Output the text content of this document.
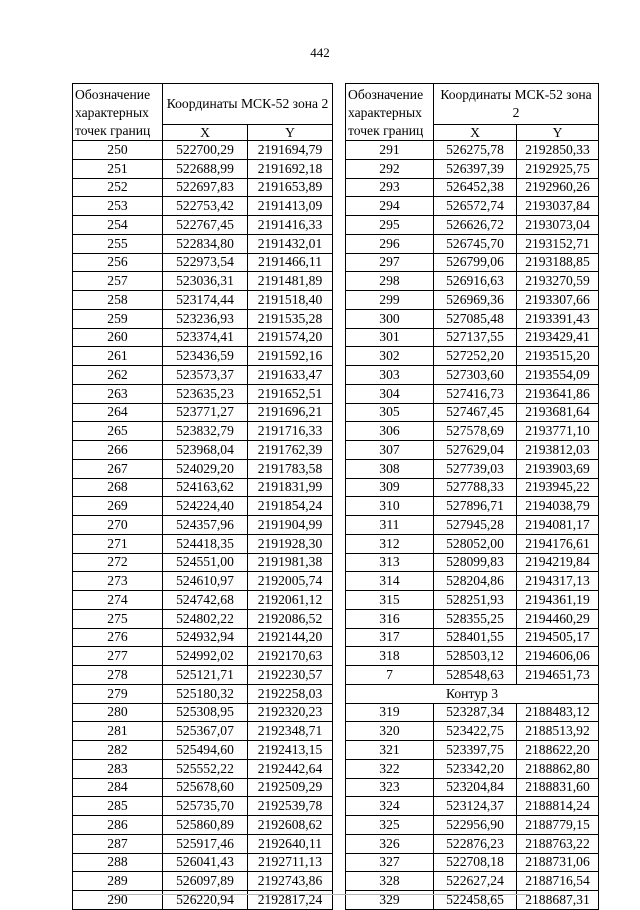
442
Обозначение характерных точек границ	Координаты МСК-52 зона 2	
	X	Y
250	522700,29	2191694,79
251	522688,99	2191692,18
252	522697,83	2191653,89
253	522753,42	2191413,09
254	522767,45	2191416,33
255	522834,80	2191432,01
256	522973,54	2191466,11
257	523036,31	2191481,89
258	523174,44	2191518,40
259	523236,93	2191535,28
260	523374,41	2191574,20
261	523436,59	2191592,16
262	523573,37	2191633,47
263	523635,23	2191652,51
264	523771,27	2191696,21
265	523832,79	2191716,33
266	523968,04	2191762,39
267	524029,20	2191783,58
268	524163,62	2191831,99
269	524224,40	2191854,24
270	524357,96	2191904,99
271	524418,35	2191928,30
272	524551,00	2191981,38
273	524610,97	2192005,74
274	524742,68	2192061,12
275	524802,22	2192086,52
276	524932,94	2192144,20
277	524992,02	2192170,63
278	525121,71	2192230,57
279	525180,32	2192258,03
280	525308,95	2192320,23
281	525367,07	2192348,71
282	525494,60	2192413,15
283	525552,22	2192442,64
284	525678,60	2192509,29
285	525735,70	2192539,78
286	525860,89	2192608,62
287	525917,46	2192640,11
288	526041,43	2192711,13
289	526097,89	2192743,86
290	526220,94	2192817,24
Обозначение характерных точек границ	Координаты МСК-52 зона 2	
	X	Y
291	526275,78	2192850,33
292	526397,39	2192925,75
293	526452,38	2192960,26
294	526572,74	2193037,84
295	526626,72	2193073,04
296	526745,70	2193152,71
297	526799,06	2193188,85
298	526916,63	2193270,59
299	526969,36	2193307,66
300	527085,48	2193391,43
301	527137,55	2193429,41
302	527252,20	2193515,20
303	527303,60	2193554,09
304	527416,73	2193641,86
305	527467,45	2193681,64
306	527578,69	2193771,10
307	527629,04	2193812,03
308	527739,03	2193903,69
309	527788,33	2193945,22
310	527896,71	2194038,79
311	527945,28	2194081,17
312	528052,00	2194176,61
313	528099,83	2194219,84
314	528204,86	2194317,13
315	528251,93	2194361,19
316	528355,25	2194460,29
317	528401,55	2194505,17
318	528503,12	2194606,06
7	528548,63	2194651,73
Контур 3		
319	523287,34	2188483,12
320	523422,75	2188513,92
321	523397,75	2188622,20
322	523342,20	2188862,80
323	523204,84	2188831,60
324	523124,37	2188814,24
325	522956,90	2188779,15
326	522876,23	2188763,22
327	522708,18	2188731,06
328	522627,24	2188716,54
329	522458,65	2188687,31
